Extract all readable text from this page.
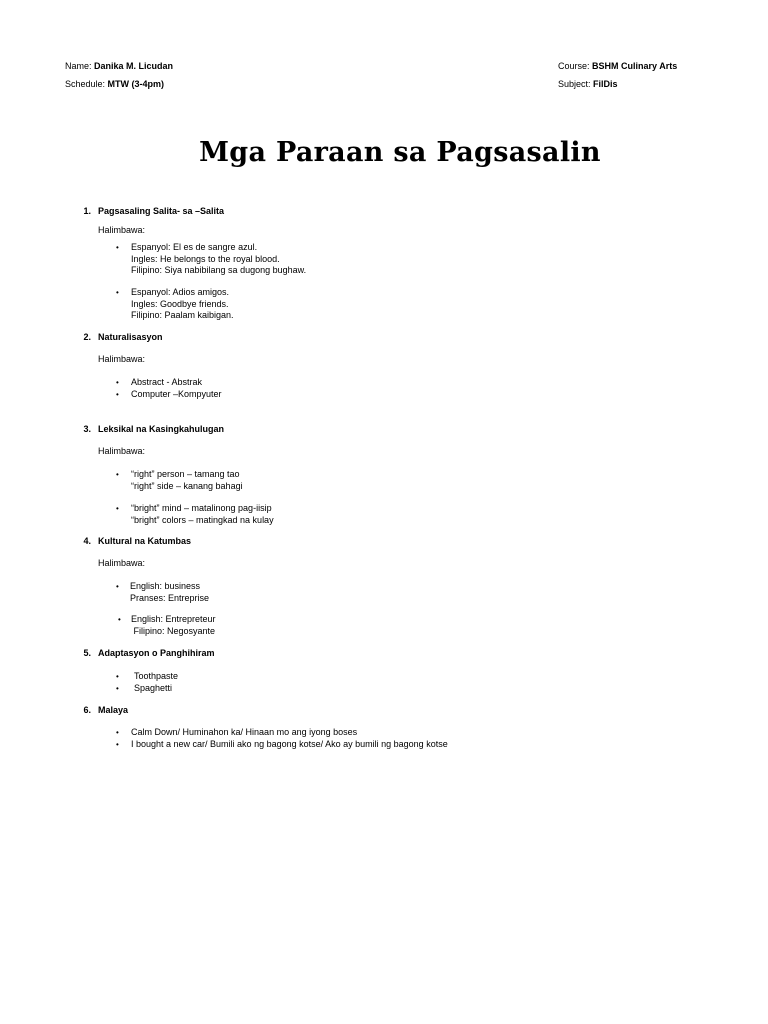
Name: Danika M. Licudan
Schedule: MTW (3-4pm)
Course: BSHM Culinary Arts
Subject: FilDis
Mga Paraan sa Pagsasalin
1. Pagsasaling Salita- sa –Salita
Halimbawa:
• Espanyol: El es de sangre azul.
Ingles: He belongs to the royal blood.
Filipino: Siya nabibilang sa dugong bughaw.
• Espanyol: Adios amigos.
Ingles: Goodbye friends.
Filipino: Paalam kaibigan.
2. Naturalisasyon
Halimbawa:
• Abstract - Abstrak
• Computer –Kompyuter
3. Leksikal na Kasingkahulugan
Halimbawa:
• “right” person – tamang tao
“right” side – kanang bahagi
• “bright” mind – matalinong pag-iisip
“bright” colors – matingkad na kulay
4. Kultural na Katumbas
Halimbawa:
• English: business
Pranses: Entreprise
• English: Entrepreteur
Filipino: Negosyante
5. Adaptasyon o Panghihiram
• Toothpaste
• Spaghetti
6. Malaya
• Calm Down/ Huminahon ka/ Hinaan mo ang iyong boses
• I bought a new car/ Bumili ako ng bagong kotse/ Ako ay bumili ng bagong kotse
